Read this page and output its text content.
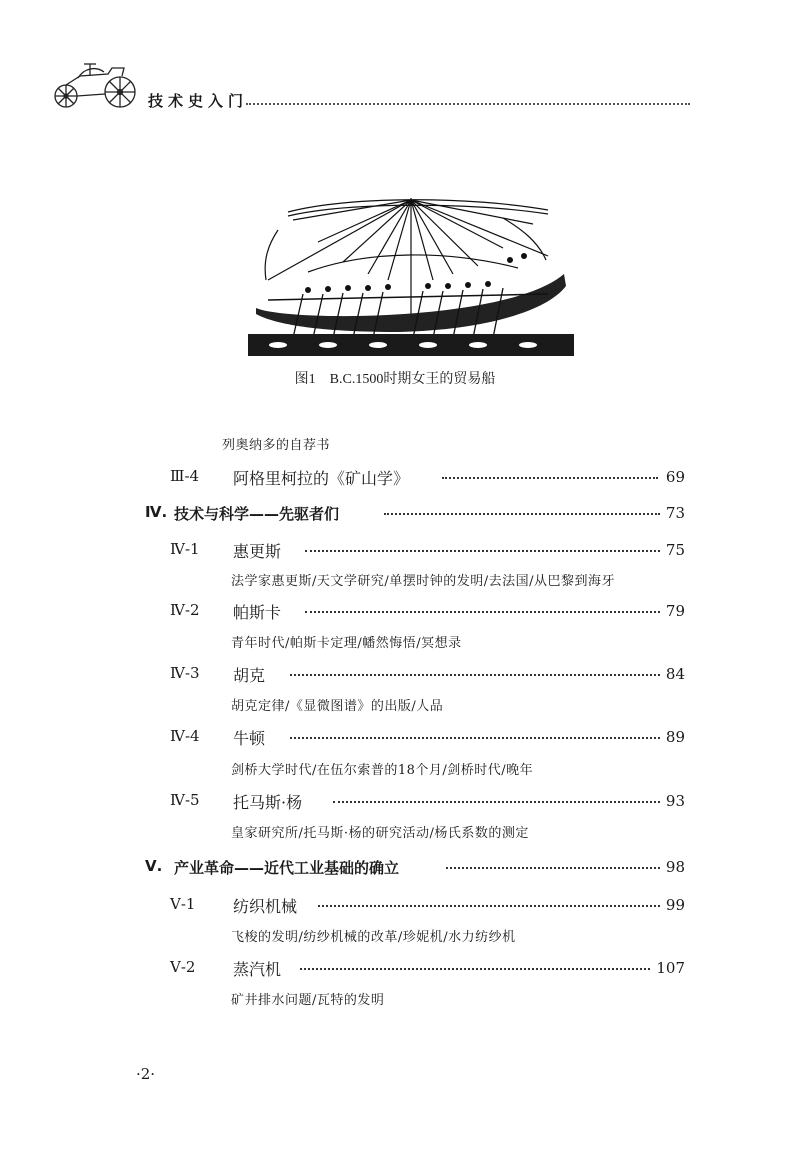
技术史入门
图1　B.C.1500时期女王的贸易船
列奥纳多的自荐书
Ⅲ-4 阿格里柯拉的《矿山学》	69
Ⅳ. 技术与科学——先驱者们	73
Ⅳ-1 惠更斯	75
法学家惠更斯/天文学研究/单摆时钟的发明/去法国/从巴黎到海牙
Ⅳ-2 帕斯卡	79
青年时代/帕斯卡定理/幡然悔悟/冥想录
Ⅳ-3 胡克	84
胡克定律/《显微图谱》的出版/人品
Ⅳ-4 牛顿	89
剑桥大学时代/在伍尔索普的18个月/剑桥时代/晚年
Ⅳ-5 托马斯·杨	93
皇家研究所/托马斯·杨的研究活动/杨氏系数的测定
Ⅴ. 产业革命——近代工业基础的确立	98
Ⅴ-1 纺织机械	99
飞梭的发明/纺纱机械的改革/珍妮机/水力纺纱机
Ⅴ-2 蒸汽机	107
矿井排水问题/瓦特的发明
·2·
